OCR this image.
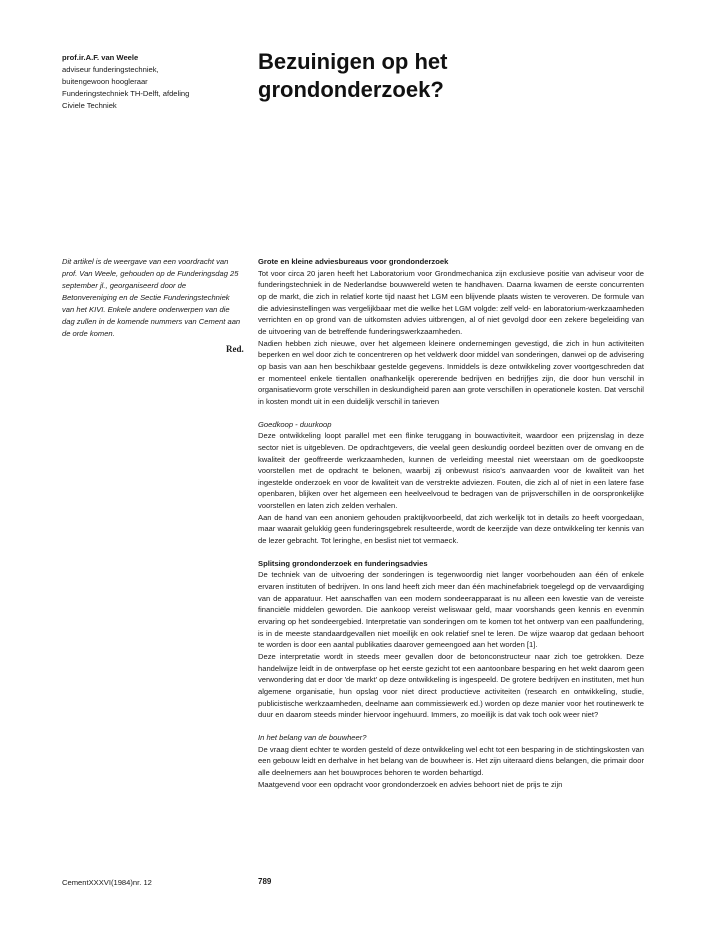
prof.ir.A.F. van Weele
adviseur funderingstechniek,
buitengewoon hoogleraar
Funderingstechniek TH-Delft, afdeling
Civiele Techniek
Bezuinigen op het
grondonderzoek?
Dit artikel is de weergave van een voordracht van prof. Van Weele, gehouden op de Funderingsdag 25 september jl., georganiseerd door de Betonvereniging en de Sectie Funderingstechniek van het KIVI. Enkele andere onderwerpen van die dag zullen in de komende nummers van Cement aan de orde komen.
Red.

Grote en kleine adviesbureaus voor grondonderzoek

Tot voor circa 20 jaren heeft het Laboratorium voor Grondmechanica zijn exclusieve positie van adviseur voor de funderingstechniek in de Nederlandse bouwwereld weten te handhaven. Daarna kwamen de eerste concurrenten op de markt, die zich in relatief korte tijd naast het LGM een blijvende plaats wisten te veroveren. De formule van die adviesinstellingen was vergelijkbaar met die welke het LGM volgde: zelf veld- en laboratorium-werkzaamheden verrichten en op grond van de uitkomsten advies uitbrengen, al of niet gevolgd door een zekere begeleiding van de uitvoering van de betreffende funderingswerkzaamheden.

Nadien hebben zich nieuwe, over het algemeen kleinere ondernemingen gevestigd, die zich in hun activiteiten beperken en wel door zich te concentreren op het veldwerk door middel van sonderingen, danwei op de advisering op basis van aan hen beschikbaar gestelde gegevens. Inmiddels is deze ontwikkeling zover voortgeschreden dat er momenteel enkele tientallen onafhankelijk opererende bedrijven en bedrijfjes zijn, die door hun verschil in organisatievorm grote verschillen in deskundigheid paren aan grote verschillen in operationele kosten. Dat verschil in kosten mondt uit in een duidelijk verschil in tarieven

Goedkoop - duurkoop

Deze ontwikkeling loopt parallel met een flinke teruggang in bouwactiviteit, waardoor een prijzenslag in deze sector niet is uitgebleven. De opdrachtgevers, die veelal geen deskundig oordeel bezitten over de omvang en de kwaliteit der geoffreerde werkzaamheden, kunnen de verleiding meestal niet weerstaan om de goedkoopste voorstellen met de opdracht te belonen, waarbij zij onbewust risico's aanvaarden voor de kwaliteit van het ingestelde onderzoek en voor de kwaliteit van de verstrekte adviezen. Fouten, die zich al of niet in een latere fase openbaren, blijken over het algemeen een heelveelvoud te bedragen van de prijsverschillen in de oorspronkelijke voorstellen en laten zich zelden verhalen.

Aan de hand van een anoniem gehouden praktijkvoorbeeld, dat zich werkelijk tot in details zo heeft voorgedaan, maar waarait gelukkig geen funderingsgebrek resulteerde, wordt de keerzijde van deze ontwikkeling ter kennis van de lezer gebracht. Tot leringhe, en beslist niet tot vermaeck.

Splitsing grondonderzoek en funderingsadvies

De techniek van de uitvoering der sonderingen is tegenwoordig niet langer voorbehouden aan één of enkele ervaren instituten of bedrijven. In ons land heeft zich meer dan één machinefabriek toegelegd op de vervaardiging van de apparatuur. Het aanschaffen van een modern sondeerapparaat is nu alleen een kwestie van de vereiste financiële middelen geworden. Die aankoop vereist weliswaar geld, maar voorshands geen kennis en evenmin ervaring op het sondeergebied. Interpretatie van sonderingen om te komen tot het ontwerp van een paalfundering, is in de meeste standaardgevallen niet moeilijk en ook relatief snel te leren. De wijze waarop dat gedaan behoort te worden is door een aantal publikaties daarover gemeengoed aan het worden [1].

Deze interpretatie wordt in steeds meer gevallen door de betonconstructeur naar zich toe getrokken. Deze handelwijze leidt in de ontwerpfase op het eerste gezicht tot een aantoonbare besparing en het wekt daarom geen verwondering dat er door 'de markt' op deze ontwikkeling is ingespeeld. De grotere bedrijven en instituten, met hun algemene organisatie, hun opslag voor niet direct productieve activiteiten (research en ontwikkeling, studie, publicistische werkzaamheden, deelname aan commissiewerk ed.) worden op deze manier voor het routinewerk te duur en daarom steeds minder hiervoor ingehuurd. Immers, zo moeilijk is dat vak toch ook weer niet?

In het belang van de bouwheer?

De vraag dient echter te worden gesteld of deze ontwikkeling wel echt tot een besparing in de stichtingskosten van een gebouw leidt en derhalve in het belang van de bouwheer is. Het zijn uiteraard diens belangen, die primair door alle deelnemers aan het bouwproces behoren te worden behartigd.

Maatgevend voor een opdracht voor grondonderzoek en advies behoort niet de prijs te zijn

CementXXXVI(1984)nr. 12	789
